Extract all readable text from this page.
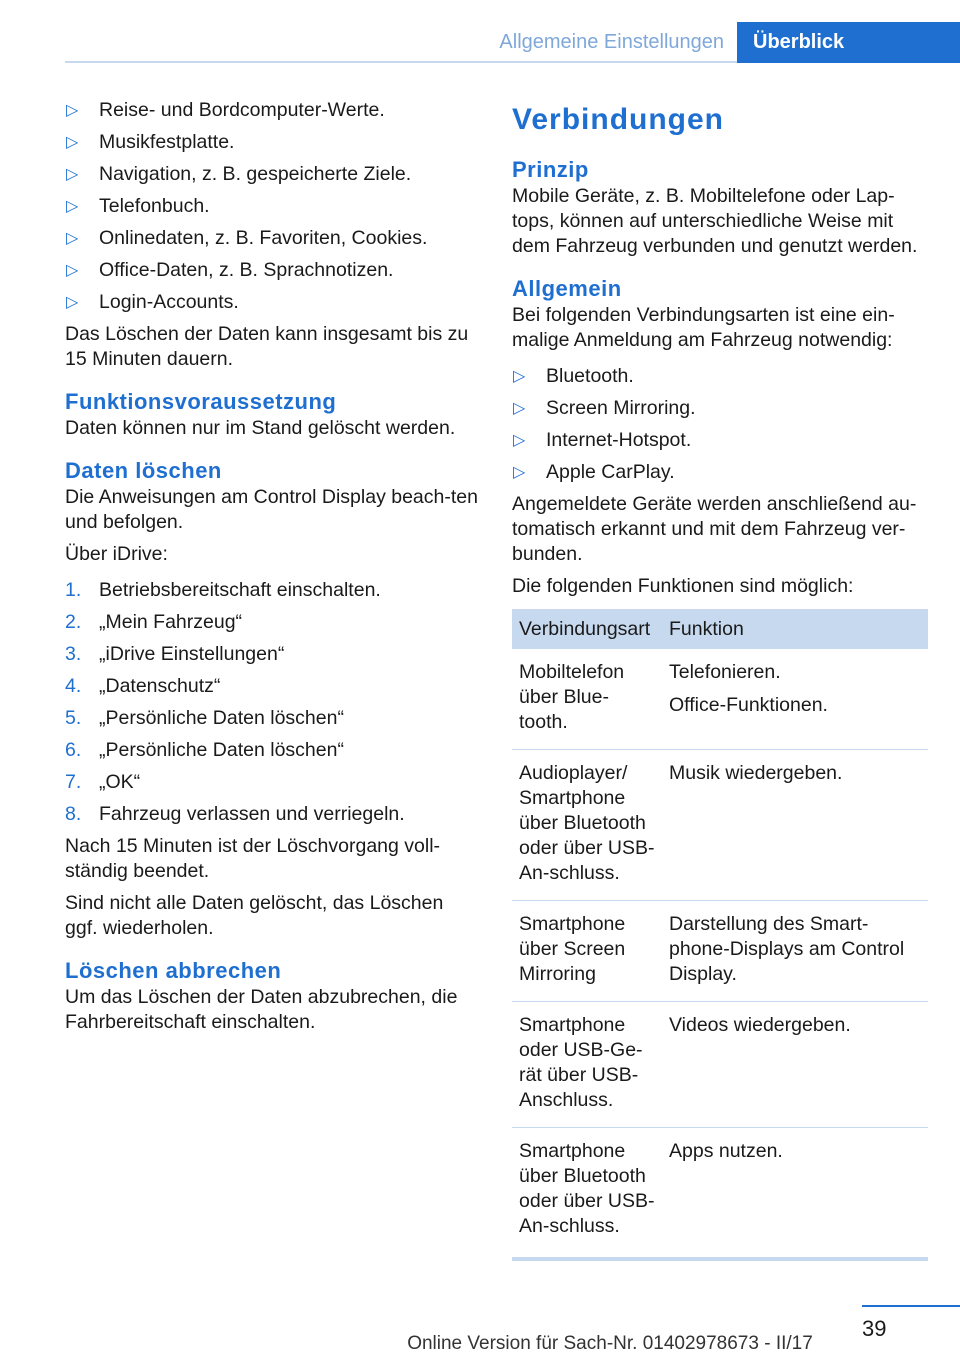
Allgemeine Einstellungen	Überblick
▷ Reise- und Bordcomputer-Werte.
▷ Musikfestplatte.
▷ Navigation, z. B. gespeicherte Ziele.
▷ Telefonbuch.
▷ Onlinedaten, z. B. Favoriten, Cookies.
▷ Office-Daten, z. B. Sprachnotizen.
▷ Login-Accounts.

Das Löschen der Daten kann insgesamt bis zu 15 Minuten dauern.

Funktionsvoraussetzung

Daten können nur im Stand gelöscht werden.

Daten löschen

Die Anweisungen am Control Display beach‐ten und befolgen.

Über iDrive:

1. Betriebsbereitschaft einschalten.
2. „Mein Fahrzeug“
3. „iDrive Einstellungen“
4. „Datenschutz“
5. „Persönliche Daten löschen“
6. „Persönliche Daten löschen“
7. „OK“
8. Fahrzeug verlassen und verriegeln.

Nach 15 Minuten ist der Löschvorgang voll‐ständig beendet.

Sind nicht alle Daten gelöscht, das Löschen ggf. wiederholen.

Löschen abbrechen

Um das Löschen der Daten abzubrechen, die Fahrbereitschaft einschalten.

Verbindungen
Prinzip

Mobile Geräte, z. B. Mobiltelefone oder Lap‐tops, können auf unterschiedliche Weise mit dem Fahrzeug verbunden und genutzt werden.

Allgemein

Bei folgenden Verbindungsarten ist eine ein‐malige Anmeldung am Fahrzeug notwendig:

▷ Bluetooth.
▷ Screen Mirroring.
▷ Internet-Hotspot.
▷ Apple CarPlay.

Angemeldete Geräte werden anschließend au‐tomatisch erkannt und mit dem Fahrzeug ver‐bunden.

Die folgenden Funktionen sind möglich:

Verbindungsart	Funktion
Mobiltelefon über Blue‐tooth.	Telefonieren.
Office-Funktionen.

Audioplayer/ Smartphone über Bluetooth oder über USB-An‐schluss.	Musik wiedergeben.
Smartphone über Screen Mirroring	Darstellung des Smart‐phone-Displays am Control Display.
Smartphone oder USB-Ge‐rät über USB-Anschluss.	Videos wiedergeben.
Smartphone über Bluetooth oder über USB-An‐schluss.	Apps nutzen.
39
Online Version für Sach-Nr. 01402978673 - II/17
